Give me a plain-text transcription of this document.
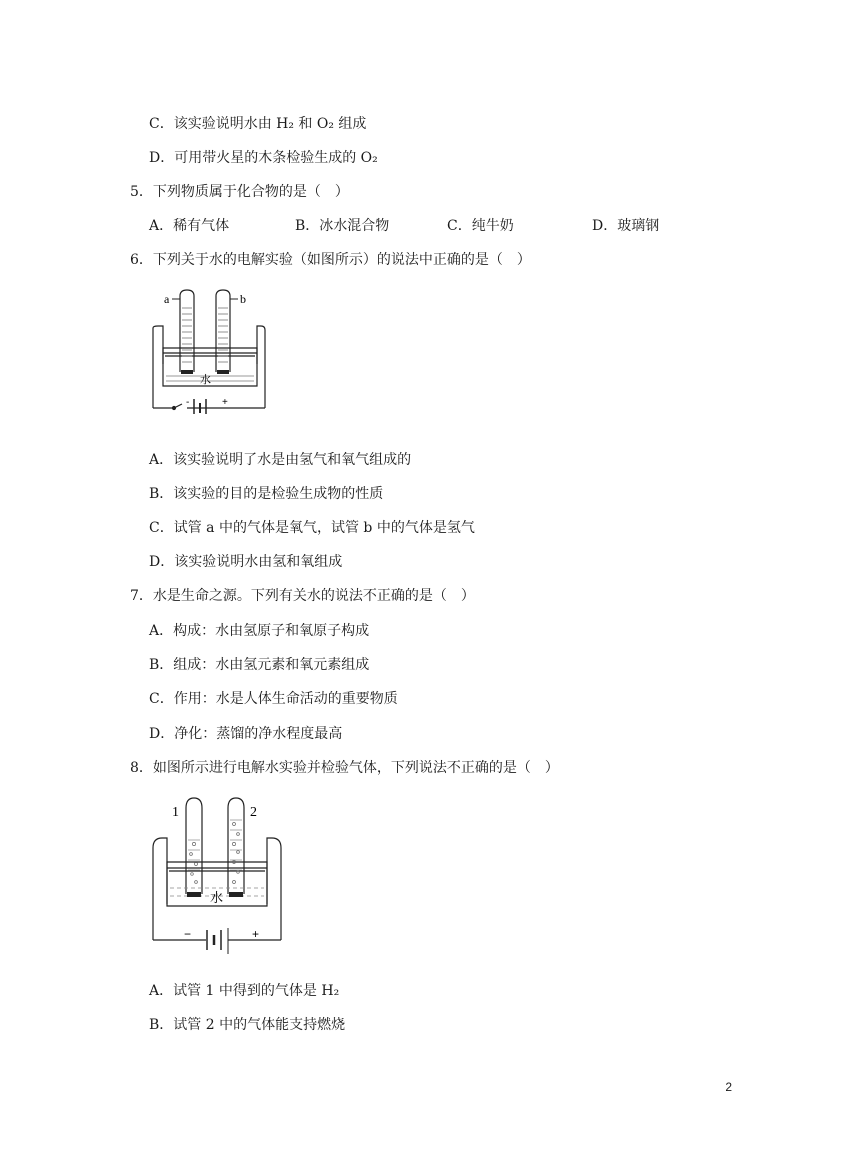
C．该实验说明水由 H₂ 和 O₂ 组成
D．可用带火星的木条检验生成的 O₂
5．下列物质属于化合物的是（　）
A．稀有气体	B．冰水混合物	C．纯牛奶	D．玻璃钢
6．下列关于水的电解实验（如图所示）的说法中正确的是（　）
a	b
水
-	+
A．该实验说明了水是由氢气和氧气组成的
B．该实验的目的是检验生成物的性质
C．试管 a 中的气体是氧气，试管 b 中的气体是氢气
D．该实验说明水由氢和氧组成
7．水是生命之源。下列有关水的说法不正确的是（　）
A．构成：水由氢原子和氧原子构成
B．组成：水由氢元素和氧元素组成
C．作用：水是人体生命活动的重要物质
D．净化：蒸馏的净水程度最高
8．如图所示进行电解水实验并检验气体，下列说法不正确的是（　）
1	2
水
−	+
A．试管 1 中得到的气体是 H₂
B．试管 2 中的气体能支持燃烧
2
